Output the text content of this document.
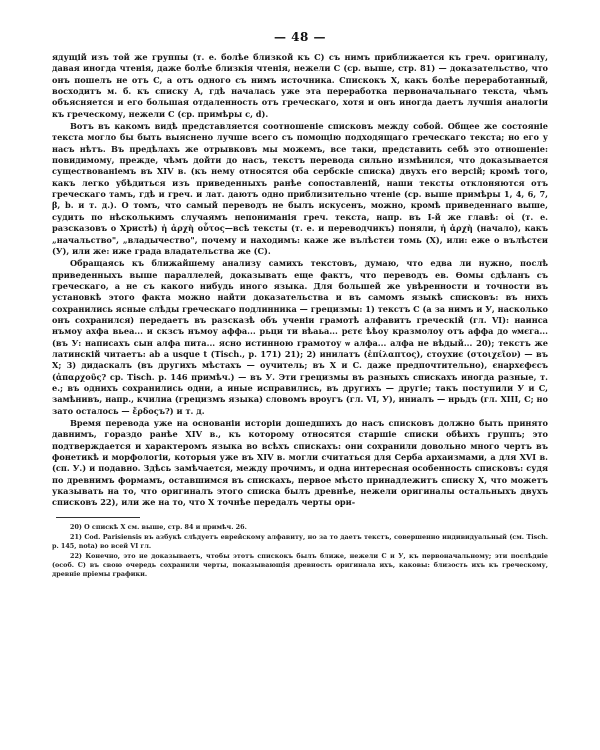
— 48 —

ядущій изъ той же группы (т. е. болѣе близкой къ C) съ нимъ приближается къ греч. оригиналу, давая иногда чтенія, даже болѣе близкія чтенія, нежели C (ср. выше, стр. 81) — доказательство, что онъ пошелъ не отъ C, а отъ одного съ нимъ источника. Спискокъ X, какъ болѣе переработанный, восходитъ м. б. къ списку A, гдѣ началась уже эта переработка первоначальнаго текста, чѣмъ объясняется и его большая отдаленность отъ греческаго, хотя и онъ иногда даетъ лучшія аналогіи къ греческому, нежели C (ср. примѣры c, d).

Вотъ въ какомъ видѣ представляется соотношеніе списковъ между собой. Общее же состояніе текста могло бы быть выяснено лучше всего съ помощію подходящаго греческаго текста; но его у насъ нѣтъ. Въ предѣлахъ же отрывковъ мы можемъ, все таки, представить себѣ это отношеніе: повидимому, прежде, чѣмъ дойти до насъ, текстъ перевода сильно измѣнился, что доказывается существованіемъ въ XIV в. (къ нему относятся оба сербскіе списка) двухъ его версій; кромѣ того, какъ легко убѣдиться изъ приведенныхъ ранѣе сопоставленій, наши тексты отклоняются отъ греческаго тамъ, гдѣ и греч. и лат. даютъ одно приблизительно чтеніе (ср. выше примѣры 1, 4, 6, 7, β, b. и т. д.). О томъ, что самый переводъ не былъ искусенъ, можно, кромѣ приведеннаго выше, судить по нѣсколькимъ случаямъ непониманія греч. текста, напр. въ I-й же главѣ: οἱ (т. е. разсказовъ о Христѣ) ἡ ἀρχὴ οὗτος—всѣ тексты (т. е. и переводчикъ) поняли, ἡ ἀρχὴ (начало), какъ „начальство", „владычество", почему и находимъ: каже же вълѣстєи томь (X), или: еже о вълѣстєи (У), или же: иже града владательства же (C).

Обращаясь къ ближайшему анализу самихъ текстовъ, думаю, что едва ли нужно, послѣ приведенныхъ выше параллелей, доказывать еще фактъ, что переводъ ев. Ѳомы сдѣланъ съ греческаго, а не съ какого нибудь иного языка. Для большей же увѣренности и точности въ установкѣ этого факта можно найти доказательства и въ самомъ языкѣ списковъ: въ нихъ сохранились ясные слѣды греческаго подлинника — грецизмы: 1) текстъ C (а за нимъ и У, насколько онъ сохранился) передаетъ въ разсказѣ объ ученіи грамотѣ алфавитъ греческій (гл. VI): наинса нъмоу ахфа вьеа... и скзсъ нъмоу аффа... рьци ти вѣаьа... рєтє ѣѣоу кразмолоу отъ аффа до ѡмєга... (въ У: написахъ сын алфа пита... ясно истинною грамотоу ѡ алфа... алфа не вѣдый... 20); текстъ же латинскій читаетъ: ab a usque t (Tisch., p. 171) 21); 2) инилатъ (ἐπίλαπτος), стоуxиє (στοιχεῖον) — въ X; 3) дидаскалъ (въ другихъ мѣстахъ — оучитель; въ X и C. даже предпочтительно), єнархєфєсъ (ἀπαρχοῦς? ср. Tisch. p. 146 примѣч.) — въ У. Эти грецизмы въ разныхъ спискахъ иногда разные, т. е.; въ однихъ сохранились одни, а иные исправились, въ другихъ — другіе; такъ поступили У и C, замѣнивъ, напр., кчилиа (грецизмъ языка) словомъ вроугъ (гл. VI, У), иниалъ — нрьдъ (гл. XIII, C; но зато осталось — ἔρδοςъ?) и т. д.

Время перевода уже на основаніи исторіи дошедшихъ до насъ списковъ должно быть принято давнимъ, гораздо ранѣе XIV в., къ которому относятся старшіе списки обѣихъ группъ; это подтверждается и характеромъ языка во всѣхъ спискахъ: они сохранили довольно много чертъ въ фонетикѣ и морфологіи, которыя уже въ XIV в. могли считаться для Серба архаизмами, а для XVI в. (сп. У.) и подавно. Здѣсь замѣчается, между прочимъ, и одна интересная особенность списковъ: судя по древнимъ формамъ, оставшимся въ спискахъ, первое мѣсто принадлежитъ списку X, что можетъ указывать на то, что оригиналъ этого списка былъ древнѣе, нежели оригиналы остальныхъ двухъ списковъ 22), или же на то, что X точнѣе передалъ черты ори-

20) О спискѣ X см. выше, стр. 84 и примѣч. 26.

21) Cod. Parisiensis въ азбукѣ слѣдуетъ еврейскому алфавиту, но за то даетъ текстъ, совершенно индивидуальный (см. Tisch. p. 145, nota) во всей VI гл.

22) Конечно, это не доказываетъ, чтобы этотъ спискокъ былъ ближе, нежели C и У, къ первоначальному; эти послѣдніе (особ. C) въ свою очередь сохранили черты, показывающія древность оригинала ихъ, каковы: близость ихъ къ греческому, древніе пріемы графики.
